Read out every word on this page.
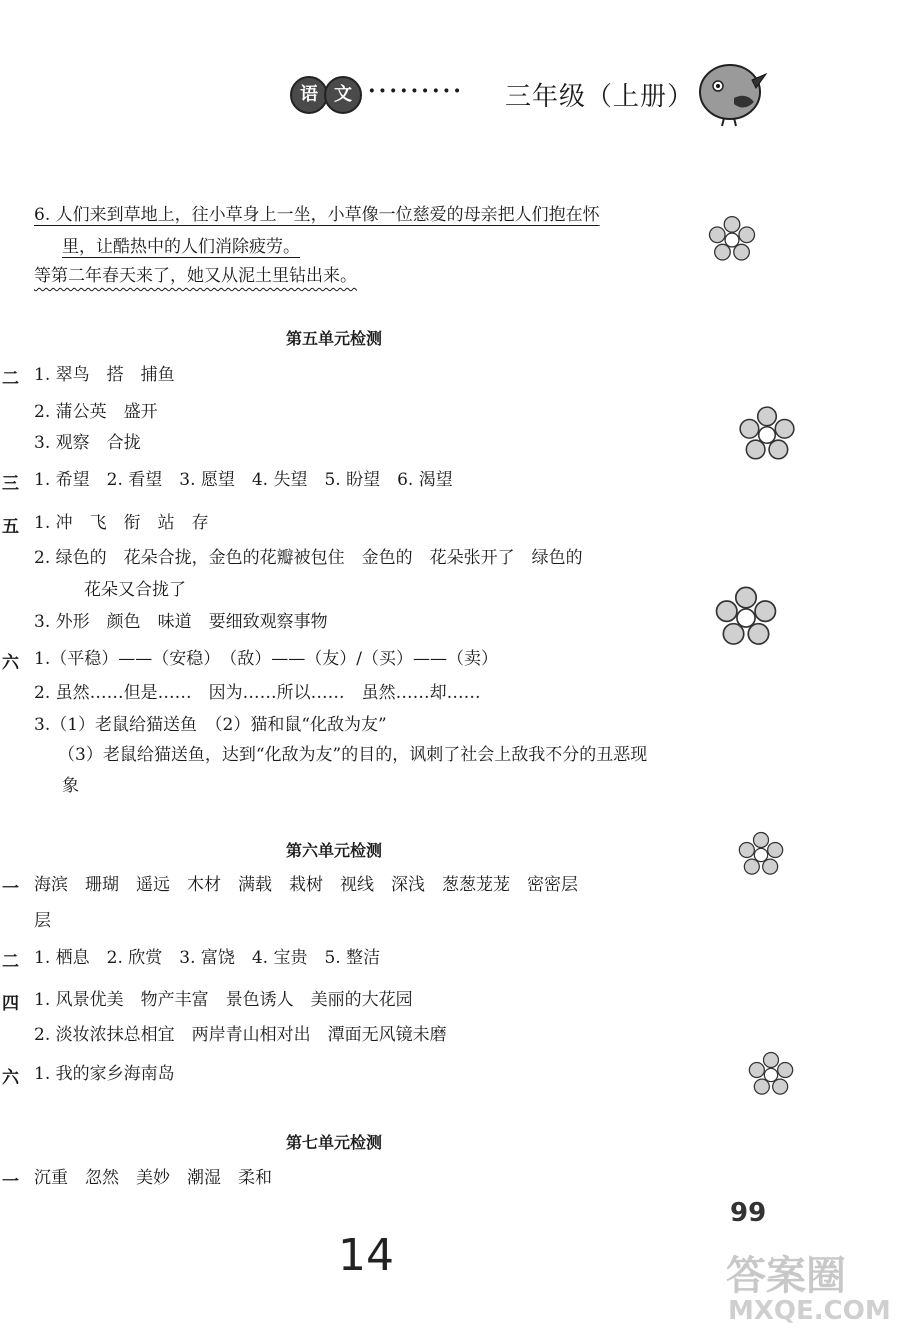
语 文 ········· 三年级（上册）
6. 人们来到草地上，往小草身上一坐，小草像一位慈爱的母亲把人们抱在怀
里，让酷热中的人们消除疲劳。
等第二年春天来了，她又从泥土里钻出来。
第五单元检测
二 1. 翠鸟　搭　捕鱼
2. 蒲公英　盛开
3. 观察　合拢
三 1. 希望　2. 看望　3. 愿望　4. 失望　5. 盼望　6. 渴望
五 1. 冲　飞　衔　站　存
2. 绿色的　花朵合拢，金色的花瓣被包住　金色的　花朵张开了　绿色的
花朵又合拢了
3. 外形　颜色　味道　要细致观察事物
六 1.（平稳）——（安稳）　（敌）——（友）/（买）——（卖）
2. 虽然……但是……　因为……所以……　虽然……却……
3.（1）老鼠给猫送鱼　（2）猫和鼠“化敌为友”
（3）老鼠给猫送鱼，达到“化敌为友”的目的，讽刺了社会上敌我不分的丑恶现
象
第六单元检测
一 海滨　珊瑚　遥远　木材　满载　栽树　视线　深浅　葱葱茏茏　密密层
层
二 1. 栖息　2. 欣赏　3. 富饶　4. 宝贵　5. 整洁
四 1. 风景优美　物产丰富　景色诱人　美丽的大花园
2. 淡妆浓抹总相宜　两岸青山相对出　潭面无风镜未磨
六 1. 我的家乡海南岛
第七单元检测
一 沉重　忽然　美妙　潮湿　柔和
99
14	答案圈
MXQE.COM
